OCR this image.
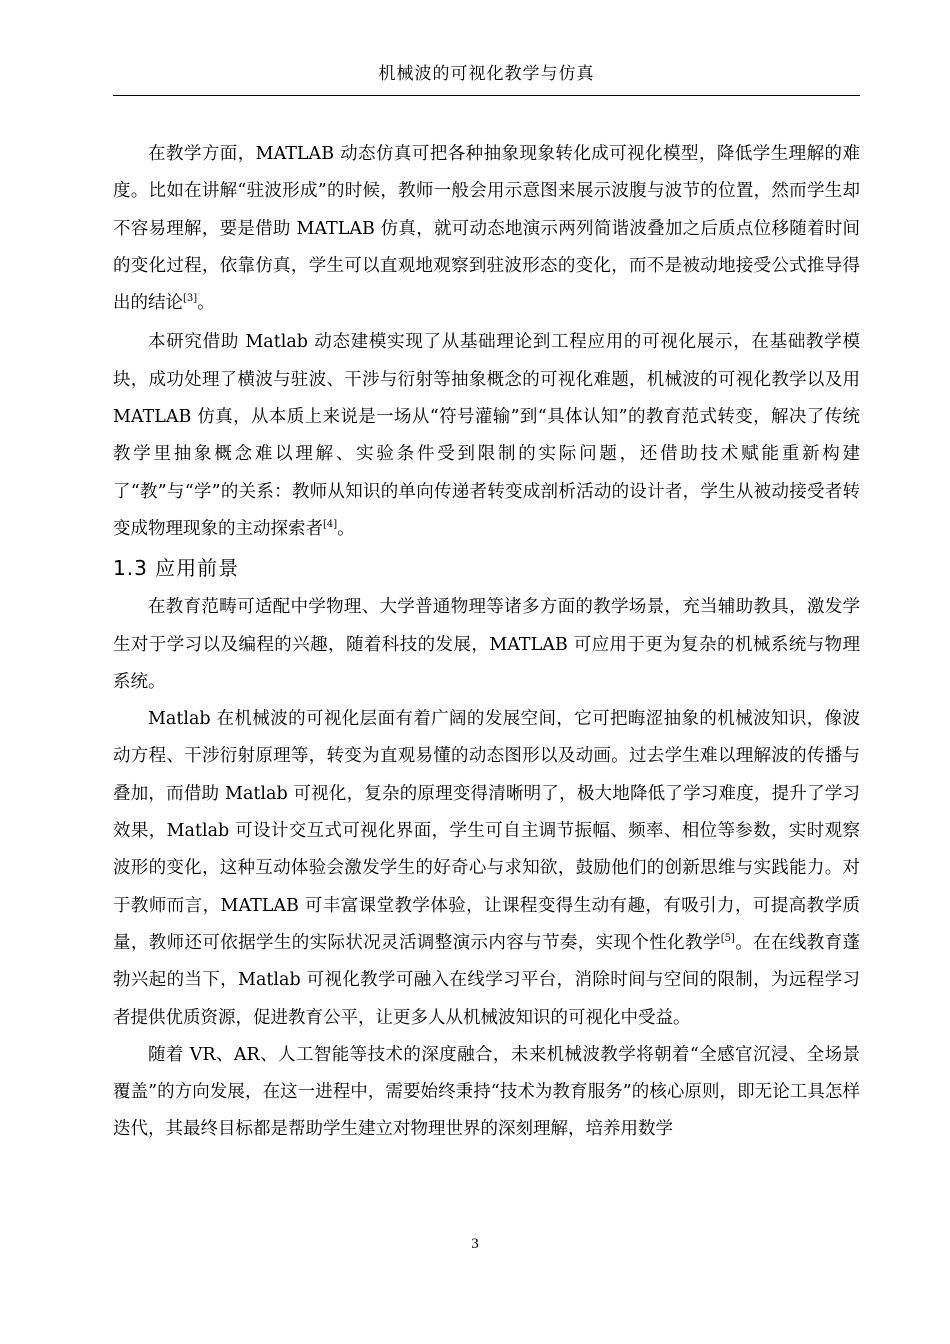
机械波的可视化教学与仿真

在教学方面，MATLAB 动态仿真可把各种抽象现象转化成可视化模型，降低学生理解的难度。比如在讲解“驻波形成”的时候，教师一般会用示意图来展示波腹与波节的位置，然而学生却不容易理解，要是借助 MATLAB 仿真，就可动态地演示两列简谐波叠加之后质点位移随着时间的变化过程，依靠仿真，学生可以直观地观察到驻波形态的变化，而不是被动地接受公式推导得出的结论[3]。

本研究借助 Matlab 动态建模实现了从基础理论到工程应用的可视化展示，在基础教学模块，成功处理了横波与驻波、干涉与衍射等抽象概念的可视化难题，机械波的可视化教学以及用 MATLAB 仿真，从本质上来说是一场从“符号灌输”到“具体认知”的教育范式转变，解决了传统教学里抽象概念难以理解、实验条件受到限制的实际问题，还借助技术赋能重新构建了“教”与“学”的关系：教师从知识的单向传递者转变成剖析活动的设计者，学生从被动接受者转变成物理现象的主动探索者[4]。

1.3 应用前景

在教育范畴可适配中学物理、大学普通物理等诸多方面的教学场景，充当辅助教具，激发学生对于学习以及编程的兴趣，随着科技的发展，MATLAB 可应用于更为复杂的机械系统与物理系统。

Matlab 在机械波的可视化层面有着广阔的发展空间，它可把晦涩抽象的机械波知识，像波动方程、干涉衍射原理等，转变为直观易懂的动态图形以及动画。过去学生难以理解波的传播与叠加，而借助 Matlab 可视化，复杂的原理变得清晰明了，极大地降低了学习难度，提升了学习效果，Matlab 可设计交互式可视化界面，学生可自主调节振幅、频率、相位等参数，实时观察波形的变化，这种互动体验会激发学生的好奇心与求知欲，鼓励他们的创新思维与实践能力。对于教师而言，MATLAB 可丰富课堂教学体验，让课程变得生动有趣，有吸引力，可提高教学质量，教师还可依据学生的实际状况灵活调整演示内容与节奏，实现个性化教学[5]。在在线教育蓬勃兴起的当下，Matlab 可视化教学可融入在线学习平台，消除时间与空间的限制，为远程学习者提供优质资源，促进教育公平，让更多人从机械波知识的可视化中受益。

随着 VR、AR、人工智能等技术的深度融合，未来机械波教学将朝着“全感官沉浸、全场景覆盖”的方向发展，在这一进程中，需要始终秉持“技术为教育服务”的核心原则，即无论工具怎样迭代，其最终目标都是帮助学生建立对物理世界的深刻理解，培养用数学

3
